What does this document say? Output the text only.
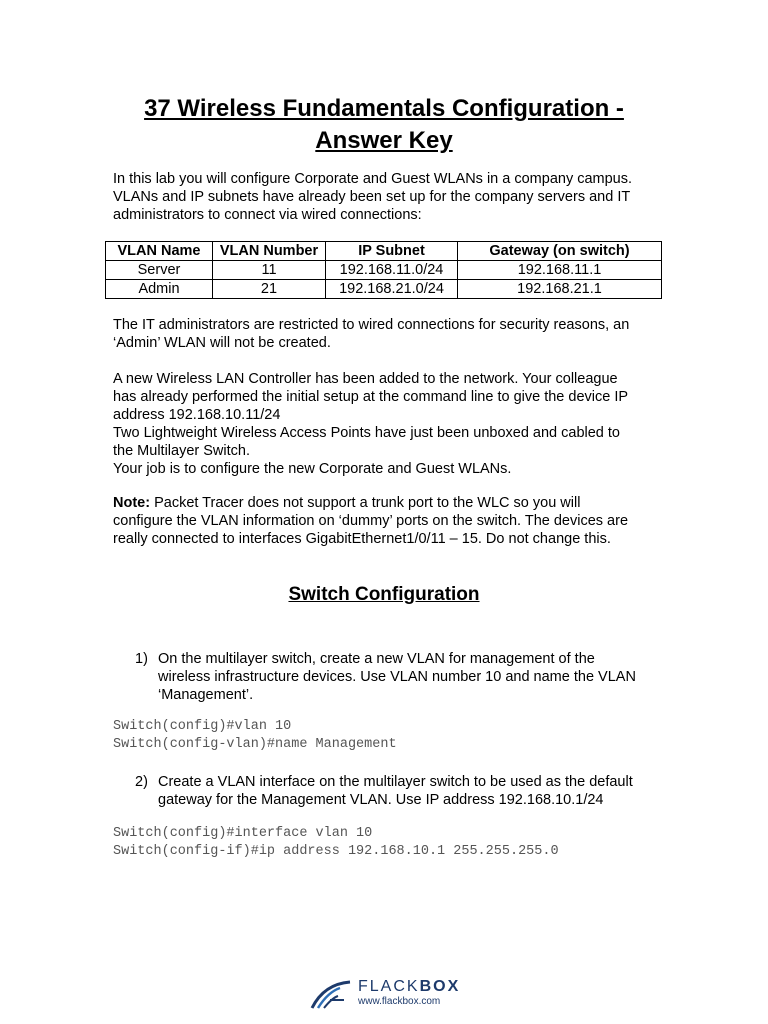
37 Wireless Fundamentals Configuration -
Answer Key

In this lab you will configure Corporate and Guest WLANs in a company campus.
VLANs and IP subnets have already been set up for the company servers and IT
administrators to connect via wired connections:

VLAN Name	VLAN Number	IP Subnet	Gateway (on switch)
Server	11	192.168.11.0/24	192.168.11.1
Admin	21	192.168.21.0/24	192.168.21.1

The IT administrators are restricted to wired connections for security reasons, an
‘Admin’ WLAN will not be created.

A new Wireless LAN Controller has been added to the network. Your colleague
has already performed the initial setup at the command line to give the device IP
address 192.168.10.11/24
Two Lightweight Wireless Access Points have just been unboxed and cabled to
the Multilayer Switch.
Your job is to configure the new Corporate and Guest WLANs.

Note: Packet Tracer does not support a trunk port to the WLC so you will
configure the VLAN information on ‘dummy’ ports on the switch. The devices are
really connected to interfaces GigabitEthernet1/0/11 – 15. Do not change this.

Switch Configuration
1) On the multilayer switch, create a new VLAN for management of the
wireless infrastructure devices. Use VLAN number 10 and name the VLAN
‘Management’.
Switch(config)#vlan 10
Switch(config-vlan)#name Management
2) Create a VLAN interface on the multilayer switch to be used as the default
gateway for the Management VLAN. Use IP address 192.168.10.1/24
Switch(config)#interface vlan 10
Switch(config-if)#ip address 192.168.10.1 255.255.255.0
FLACKBOX
www.flackbox.com
